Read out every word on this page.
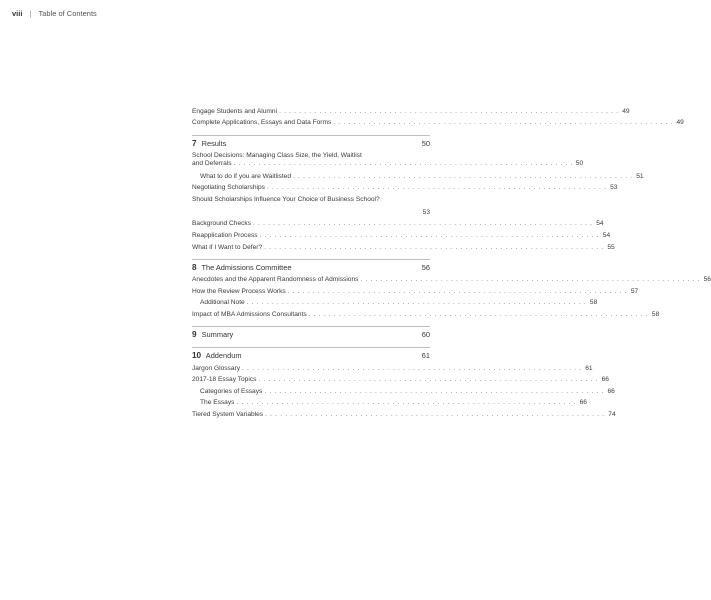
viii | Table of Contents
Engage Students and Alumni .................................................................... 49
Complete Applications, Essays and Data Forms .................................................................... 49
7 Results	50
School Decisions: Managing Class Size, the Yield, Waitlist
and Deferrals .................................................................... 50
What to do if you are Waitlisted .................................................................... 51
Negotiating Scholarships .................................................................... 53
Should Scholarships Influence Your Choice of Business School?
53
Background Checks .................................................................... 54
Reapplication Process .................................................................... 54
What if I Want to Defer? .................................................................... 55
8 The Admissions Committee	56
Anecdotes and the Apparent Randomness of Admissions .................................................................... 56
How the Review Process Works .................................................................... 57
Additional Note .................................................................... 58
Impact of MBA Admissions Consultants .................................................................... 58
9 Summary	60
10 Addendum	61
Jargon Glossary .................................................................... 61
2017-18 Essay Topics .................................................................... 66
Categories of Essays .................................................................... 66
The Essays .................................................................... 66
Tiered System Variables .................................................................... 74
